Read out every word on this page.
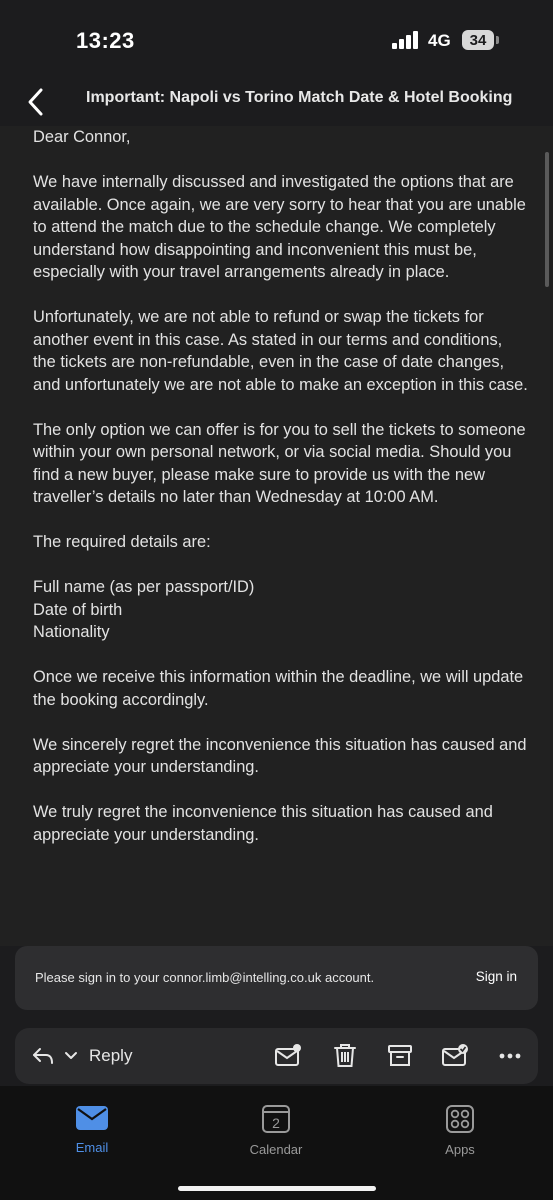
13:23	4G 34
Important: Napoli vs Torino Match Date & Hotel Booking

Dear Connor,

We have internally discussed and investigated the options that are available. Once again, we are very sorry to hear that you are unable to attend the match due to the schedule change. We completely understand how disappointing and inconvenient this must be, especially with your travel arrangements already in place.

Unfortunately, we are not able to refund or swap the tickets for another event in this case. As stated in our terms and conditions, the tickets are non-refundable, even in the case of date changes, and unfortunately we are not able to make an exception in this case.

The only option we can offer is for you to sell the tickets to someone within your own personal network, or via social media. Should you find a new buyer, please make sure to provide us with the new traveller’s details no later than Wednesday at 10:00 AM.

The required details are:

Full name (as per passport/ID)
Date of birth
Nationality

Once we receive this information within the deadline, we will update the booking accordingly.

We sincerely regret the inconvenience this situation has caused and appreciate your understanding.

We truly regret the inconvenience this situation has caused and appreciate your understanding.

Please sign in to your connor.limb@intelling.co.uk account.	Sign in
Reply
Email
2
Calendar	Apps
